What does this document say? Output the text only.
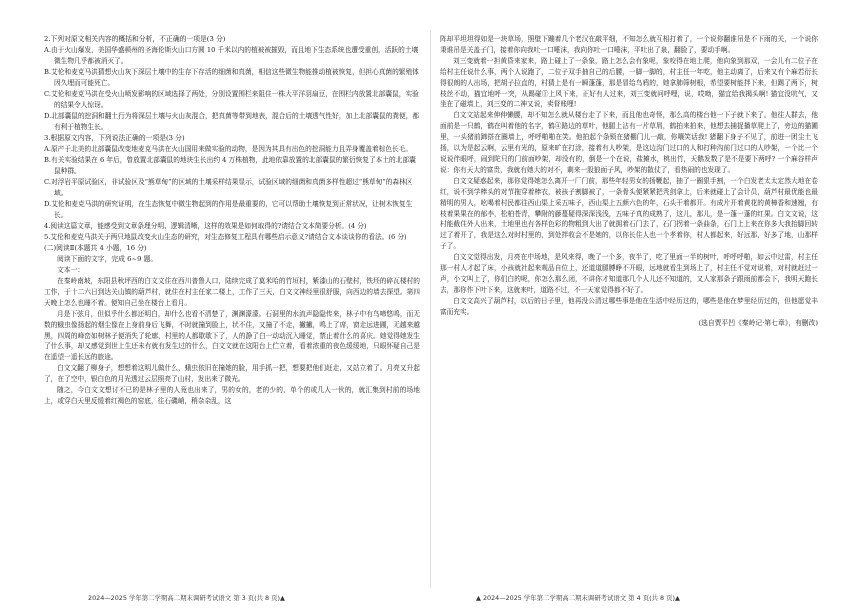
2.下列对原文相关内容的概括和分析，不正确的一项是(3 分)

A.由于火山爆发，美国华盛顿州的圣海伦斯火山口方圆 10 千米以内的植被被摧毁，而且地下生态系统也遭受重创，活跃的土壤微生物几乎都被消灭了。

B.艾伦和麦克马洪猜想火山灰下深层土壤中的生存下存活的细菌和真菌，相信这些微生物能推动植被恢复，但担心真菌的繁殖体因久埋而可能死亡。

C.艾伦和麦克马洪在受火山喷发影响的区域选择了两处，分别设置围栏来阻住一株大平洋羽扇豆，在围栏内放置北部囊鼠，实验的结果令人惊讶。

D.北部囊鼠的挖洞和翻土行为将深层土壤与火山灰混合，把真菌等带到地表，混合后的土壤透气性好，加上北部囊鼠的粪便，都有利于植物生长。

3.根据原文内容，下列说法正确的一项是(3 分)

A.原产于北美的北部囊鼠改变地麦克马洪在火山国用来做实验的动物，是因为其具有出色的挖洞能力且弄身覆盖着棕色长毛。

B.有关实验结果在 6 年后，曾放置北部囊鼠的地块生长出约 4 万株植物，此地依靠放置的北部囊鼠的繁衍恢复了本土的北部囊鼠种群。

C.对浮岩平原试验区，非试验区及“熊草甸”的区域的土壤采样结果显示，试验区域的细菌和真菌多样性超过“熊草甸”的森林区域。

D.艾伦和麦克马洪的研究证明，在生态恢复中微生物起到的作用是最重要的，它可以帮助土壤恢复到正常状况，让树木恢复生长。

4.阅读这篇文章，能感受到文章条理分明、逻辑清晰，这样的效果是如何取得的?请结合文本简要分析。(4 分)

5.艾伦和麦克马洪关于两只地鼠改变火山生态的研究，对生态修复工程具有哪些启示意义?请结合文本谈谈你的看法。(6 分)

(二)阅读Ⅱ(本题共 4 小题，16 分)

阅读下面的文字，完成 6~9 题。

文本一：

在秦岭南坡，东阳县秋坪西的白文文住在西川普鲁人口，陆续完成了莫米哈的竹垣村，紫漆山的石壁村，铁坯的碎瓦楼村的工作，于十二六日到达关山镇的葫芦村，就住在村主任家二楼上，工作了三天，白文文神经里很舒服，向西边的墙去探望。第四天晚上怎么也睡不着。便知自己坐在楼台上看月。

月是下弦月，但似乎什么都还明白，却什么也看不清楚了，渊渊濛濛。石洞里的水流声隐隐传来，林子中有鸟啼悠鸣，而无数的蛾虫像扬起的烟尘像在上身前身后飞舞，不时就撞到脸上，状不住，又撞了不走，撇撇，鸣上了席，窗走远进圃，无越来越黑，四周的峰峦如树林子便消失了轮廓，村里的人都歇歇下了，人的静了白一动动沉入睡觉，禁止着什么的喜庆。她觉得她发生了什么事，却又感觉到世上生还未有就有发生过的什么，白文文就在这阳台上伫立着，看着浓重的夜色缓缓地，只眼怀疑自己是在遥望一遥长远的旅途。

白文文翻了柳身子，想想着这明儿做什么，蛾虫依旧在撞她的脸，用手抓一把，想要把他们赶走，又站立着了。月亮又升起了，在了空中，银白色的月光透过云层照亮了山村，发出来了微光。

随之，今白文文想讨不已的是林子里的人竟也出来了，男的女的，老的少的，单个的或几人一伙的，就汇集到村前的场地上，或穿白天里反缓着红褐色的窑底，往石磯峭，稍杂杂乱，这

阵却平坦坦得如是一块草场，照壁下蹦着几个老汉在敲平细，不知怎么就互相打着了，一个说你翻谁吊是不下雨的关，一个说你秉谁吊是关盖子门，接着你向我吐一口唾沫，我向你吐一口唾沫，平吐出了泉，翻脸了，要动手啊。

刘三变就着一担黄昏来家来，路上碰上了一条象，路上怎么会有象呢，象咬得在地上爬，他向象到那双，一会儿有二位子在给村主任说什么事，两个人说跑了，二位子双手抽自己的后腰，一脚一脚的，村主任一年吃，他主动离了，后来又有个麻若衍长得很朗的人出场，把胡子拉直的，村猜上是有一瞬蓬蓬，那是冒给鸟鸦的，她拿肺筛树根，希望要树能拌下来，但踢了两下，树枝丝不动，猫宜地呼一突，从踢碰①上风下来，正好有人过来，刘三变就问呼哩，说，哎呦，猫宜给我揭头啊! 猫宜没吭气，又坐在了磁墙上，刘三变的二神又说，卖督账哩!

白文文站起来伸伸懒腰，却不知怎么就从楼台走了下来，而且他也奇怪，那么高的楼台他一下子就下来了。他往人群去，他面前是一只鹤，鹤在叫着他的名字，鹤④路边的草叶，他腿上沾有一片草屑，鹤拍来拍来，他想去捕捉播草爬上了，旁边的猫圃里，一头猪前蹄搭在圈墙上，呼呼啪啪在笑。他拍起个条锁在猪棚门儿一敲，你嚷笑话我! 猪翻下身子不见了，前进一团尘土飞扬，以为是起云啊，云里有光的，原来旷在打涂，接着有人吵架，是这边沟门过口的人和打种沟前门过口的人吵架，一个比一个说说伴眼呼，闹到陀只的门前面吵架，却没有的，倒是一个在说，盐摊水，桃出竹，天鹅发数了是不是要下两呼? 一个麻谷样声说：你有天大的富贵，我就有她大的对不，剩来一股狼面子风，吵架的散仗了，看热闹的也发现了。

白文文疑惑起来，那你觉得她怎么离开一厂门前，那些年轻男女的扬鞭起，抽了一圈狠手割，一个白发老太太定然大地在卷红，说不到学棒头的对节拖穿着棒衣，被孩子割脚被了，一条骨头便紧紧把秃剑拿上，后来就碰上了会计员，葫芦村最优能也最精明的男人，吆喝着村民都往西山渠上采五味子，西山渠上五颜六色的年，石头干着都开。有成片开着黄花的黄樟香和速翘，有枝着果果在的郁李，松柏苍青，攀附的藤蔓疑得深深浅浅，五味子真的成熟了，这儿，那儿，是一蓬一蓬的红果。白文文说，这村能截住外人出来，土地里也有各样色彩的物粗到大出了就拥着石门去了，石门拐着一条曲条，石门上上来在你多大我抬脚回转过了着开了，我是这么对时村里的，到处拌收会不是她的，以你长住人也一个孝着你，村人都起来，好远那，好多了地，山那样子了。

白文文觉得出发，月亮在中场地，是风来得，晚了一个多，夜半了，吃了里面一半的树叶，呼呼呼啪，如云中过雷，村主任那一村人才起了床，小孩就社起来观品自位上，还道道腿膊睁不开眼，远地就看生到场上了，村主任不觉对说着，对村就赶过一声，小文叫上了，你们白的呢，你怎么那么闭，不讲你才知道那几个人儿还不知道的，又人家那条子跟雨前都会下，我明天跑长去，那你作下叶下来，这就来叶，道路不过，不一天家觉得都不好了。

白文文高兴了葫芦村，以后的日子里，他再没公清过哪些事是他在生活中经历过的，哪些是他在梦里经历过的，但他愿觉丰富而充实。

(选自贾平凹《秦岭记·第七章》，有删改)

2024—2025 学年第二学期高二期末调研考试语文 第 3 页(共 8 页)▲	▲ 2024—2025 学年第二学期高二期末调研考试语文 第 4 页(共 8 页)▲
